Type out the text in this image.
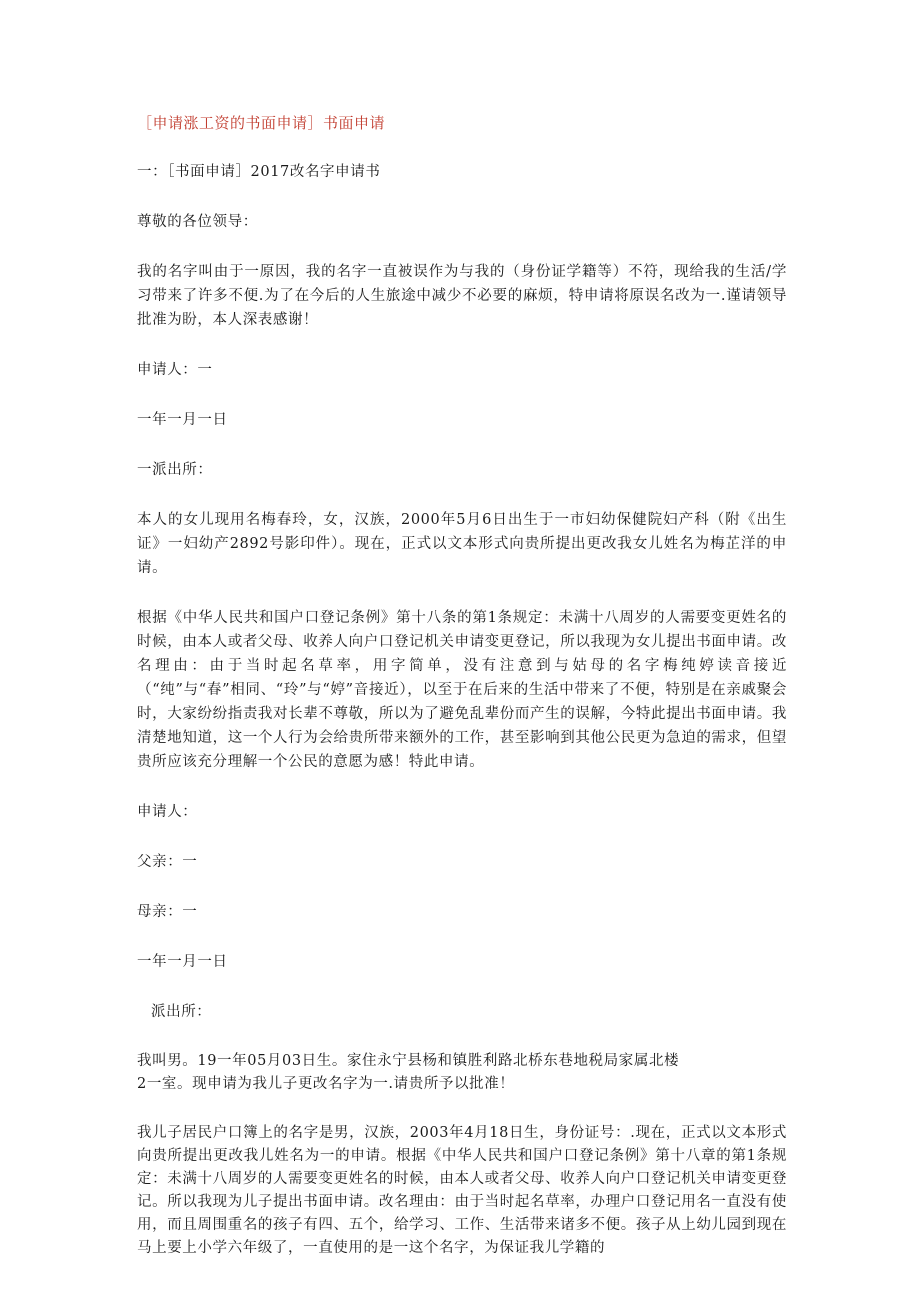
［申请涨工资的书面申请］书面申请

一：［书面申请］2017改名字申请书

尊敬的各位领导：

我的名字叫由于一原因，我的名字一直被误作为与我的（身份证学籍等）不符，现给我的生活/学习带来了许多不便.为了在今后的人生旅途中减少不必要的麻烦，特申请将原误名改为一.谨请领导批准为盼，本人深表感谢！

申请人：一

一年一月一日

一派出所：

本人的女儿现用名梅春玲，女，汉族，2000年5月6日出生于一市妇幼保健院妇产科（附《出生证》一妇幼产2892号影印件）。现在，正式以文本形式向贵所提出更改我女儿姓名为梅芷洋的申请。

根据《中华人民共和国户口登记条例》第十八条的第1条规定：未满十八周岁的人需要变更姓名的时候，由本人或者父母、收养人向户口登记机关申请变更登记，所以我现为女儿提出书面申请。改名理由：由于当时起名草率，用字简单，没有注意到与姑母的名字梅纯婷读音接近（“纯”与“春”相同、“玲”与“婷”音接近），以至于在后来的生活中带来了不便，特别是在亲戚聚会时，大家纷纷指责我对长辈不尊敬，所以为了避免乱辈份而产生的误解，今特此提出书面申请。我清楚地知道，这一个人行为会给贵所带来额外的工作，甚至影响到其他公民更为急迫的需求，但望贵所应该充分理解一个公民的意愿为感！特此申请。

申请人：

父亲：一

母亲：一

一年一月一日

派出所：

我叫男。19一年05月03日生。家住永宁县杨和镇胜利路北桥东巷地税局家属北楼
2一室。现申请为我儿子更改名字为一.请贵所予以批准！

我儿子居民户口簿上的名字是男，汉族，2003年4月18日生，身份证号：.现在，正式以文本形式向贵所提出更改我儿姓名为一的申请。根据《中华人民共和国户口登记条例》第十八章的第1条规定：未满十八周岁的人需要变更姓名的时候，由本人或者父母、收养人向户口登记机关申请变更登记。所以我现为儿子提出书面申请。改名理由：由于当时起名草率，办理户口登记用名一直没有使用，而且周围重名的孩子有四、五个，给学习、工作、生活带来诸多不便。孩子从上幼儿园到现在马上要上小学六年级了，一直使用的是一这个名字，为保证我儿学籍的
